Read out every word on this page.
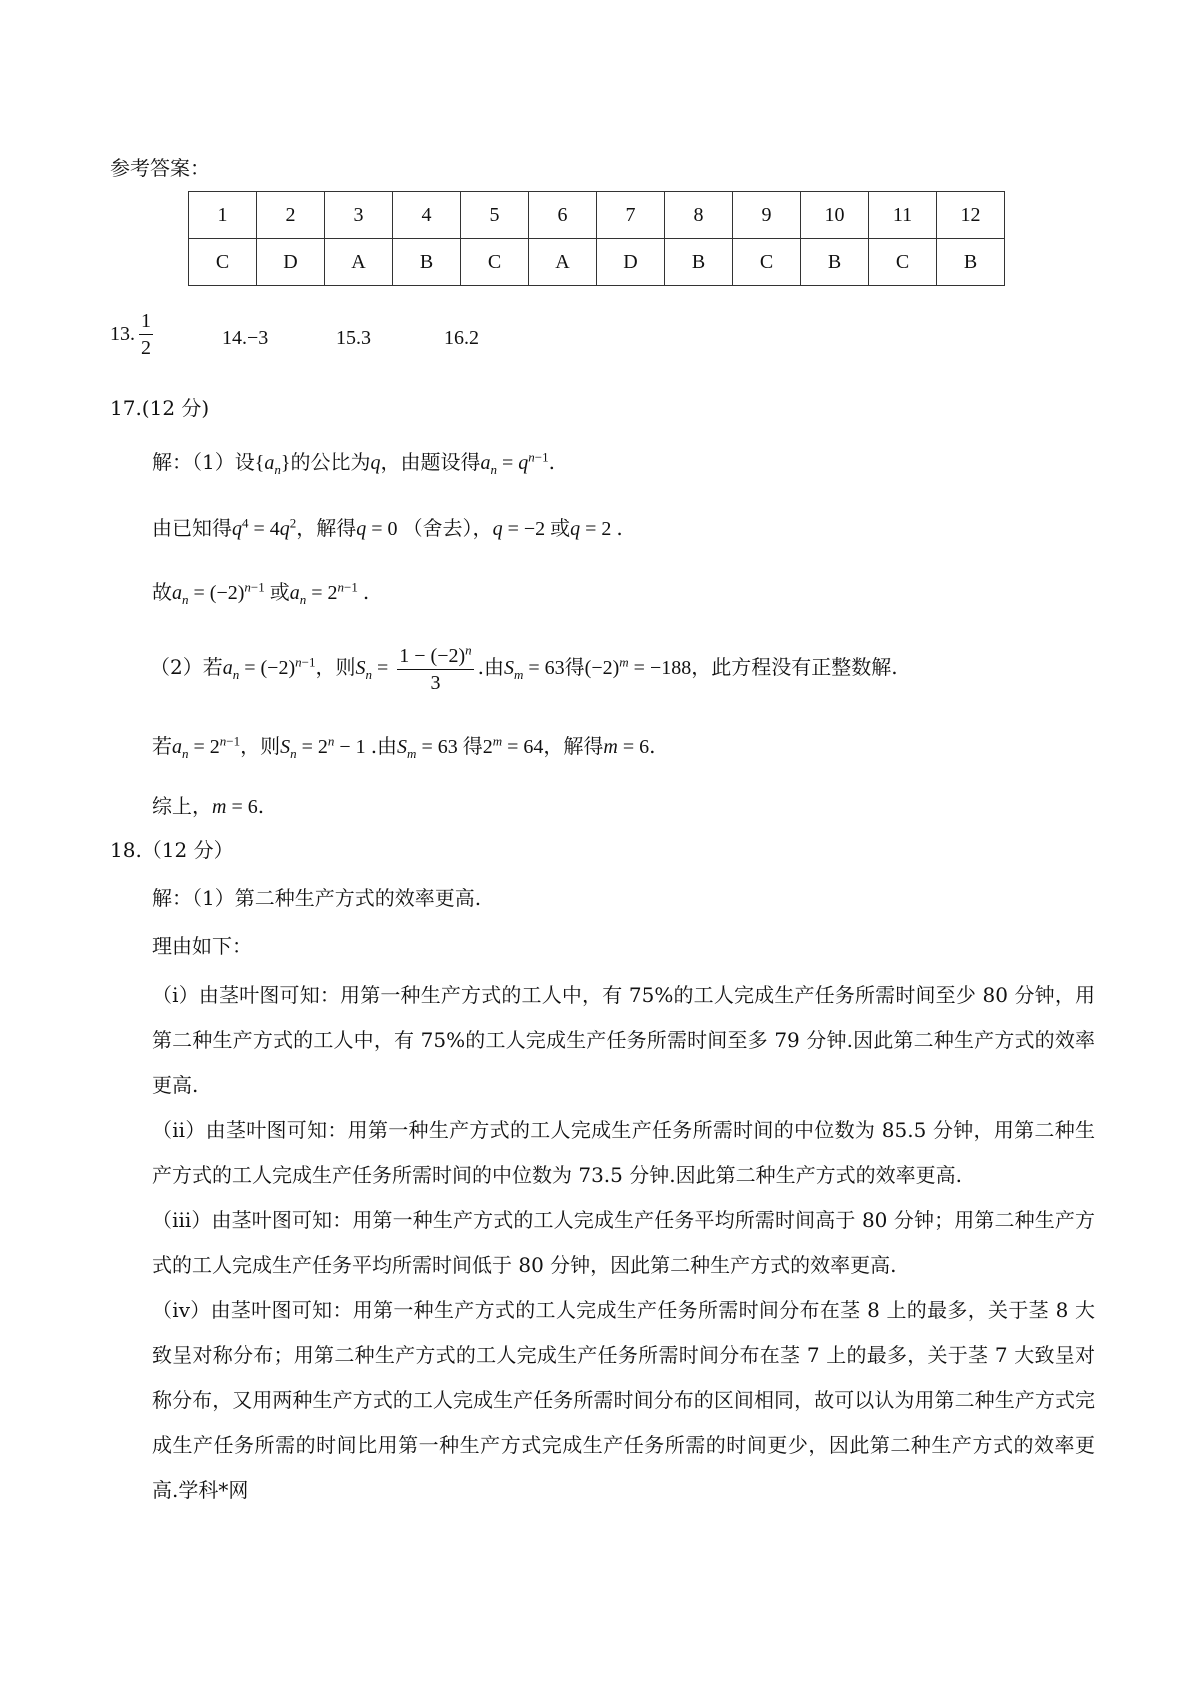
参考答案：
1	2	3	4	5	6	7	8	9	10	11	12
C	D	A	B	C	A	D	B	C	B	C	B
13. $\frac{1}{2}$	14.−3	15.3	16.2
17.(12 分)
解：（1）设$\{a_n\}$的公比为q，由题设得$a_n = q^{n-1}$.
由已知得$q^4 = 4q^2$，解得q = 0 （舍去），q = −2 或q = 2 .
故$a_n = (-2)^{n-1}$ 或$a_n = 2^{n-1}$ .
（2）若$a_n = (-2)^{n-1}$，则$S_n = \frac{1 - (-2)^n}{3}$ .由$S_m = 63$得$(-2)^m = -188$，此方程没有正整数解.
若$a_n = 2^{n-1}$，则$S_n = 2^n - 1$ .由$S_m = 63$ 得$2^m = 64$，解得m = 6.
综上，m = 6.
18.（12 分）
解：（1）第二种生产方式的效率更高.
理由如下：
（i）由茎叶图可知：用第一种生产方式的工人中，有 75%的工人完成生产任务所需时间至少 80 分钟，用第二种生产方式的工人中，有 75%的工人完成生产任务所需时间至多 79 分钟.因此第二种生产方式的效率更高.
（ii）由茎叶图可知：用第一种生产方式的工人完成生产任务所需时间的中位数为 85.5 分钟，用第二种生产方式的工人完成生产任务所需时间的中位数为 73.5 分钟.因此第二种生产方式的效率更高.
（iii）由茎叶图可知：用第一种生产方式的工人完成生产任务平均所需时间高于 80 分钟；用第二种生产方式的工人完成生产任务平均所需时间低于 80 分钟，因此第二种生产方式的效率更高.
（iv）由茎叶图可知：用第一种生产方式的工人完成生产任务所需时间分布在茎 8 上的最多，关于茎 8 大致呈对称分布；用第二种生产方式的工人完成生产任务所需时间分布在茎 7 上的最多，关于茎 7 大致呈对称分布，又用两种生产方式的工人完成生产任务所需时间分布的区间相同，故可以认为用第二种生产方式完成生产任务所需的时间比用第一种生产方式完成生产任务所需的时间更少，因此第二种生产方式的效率更高.学科*网
